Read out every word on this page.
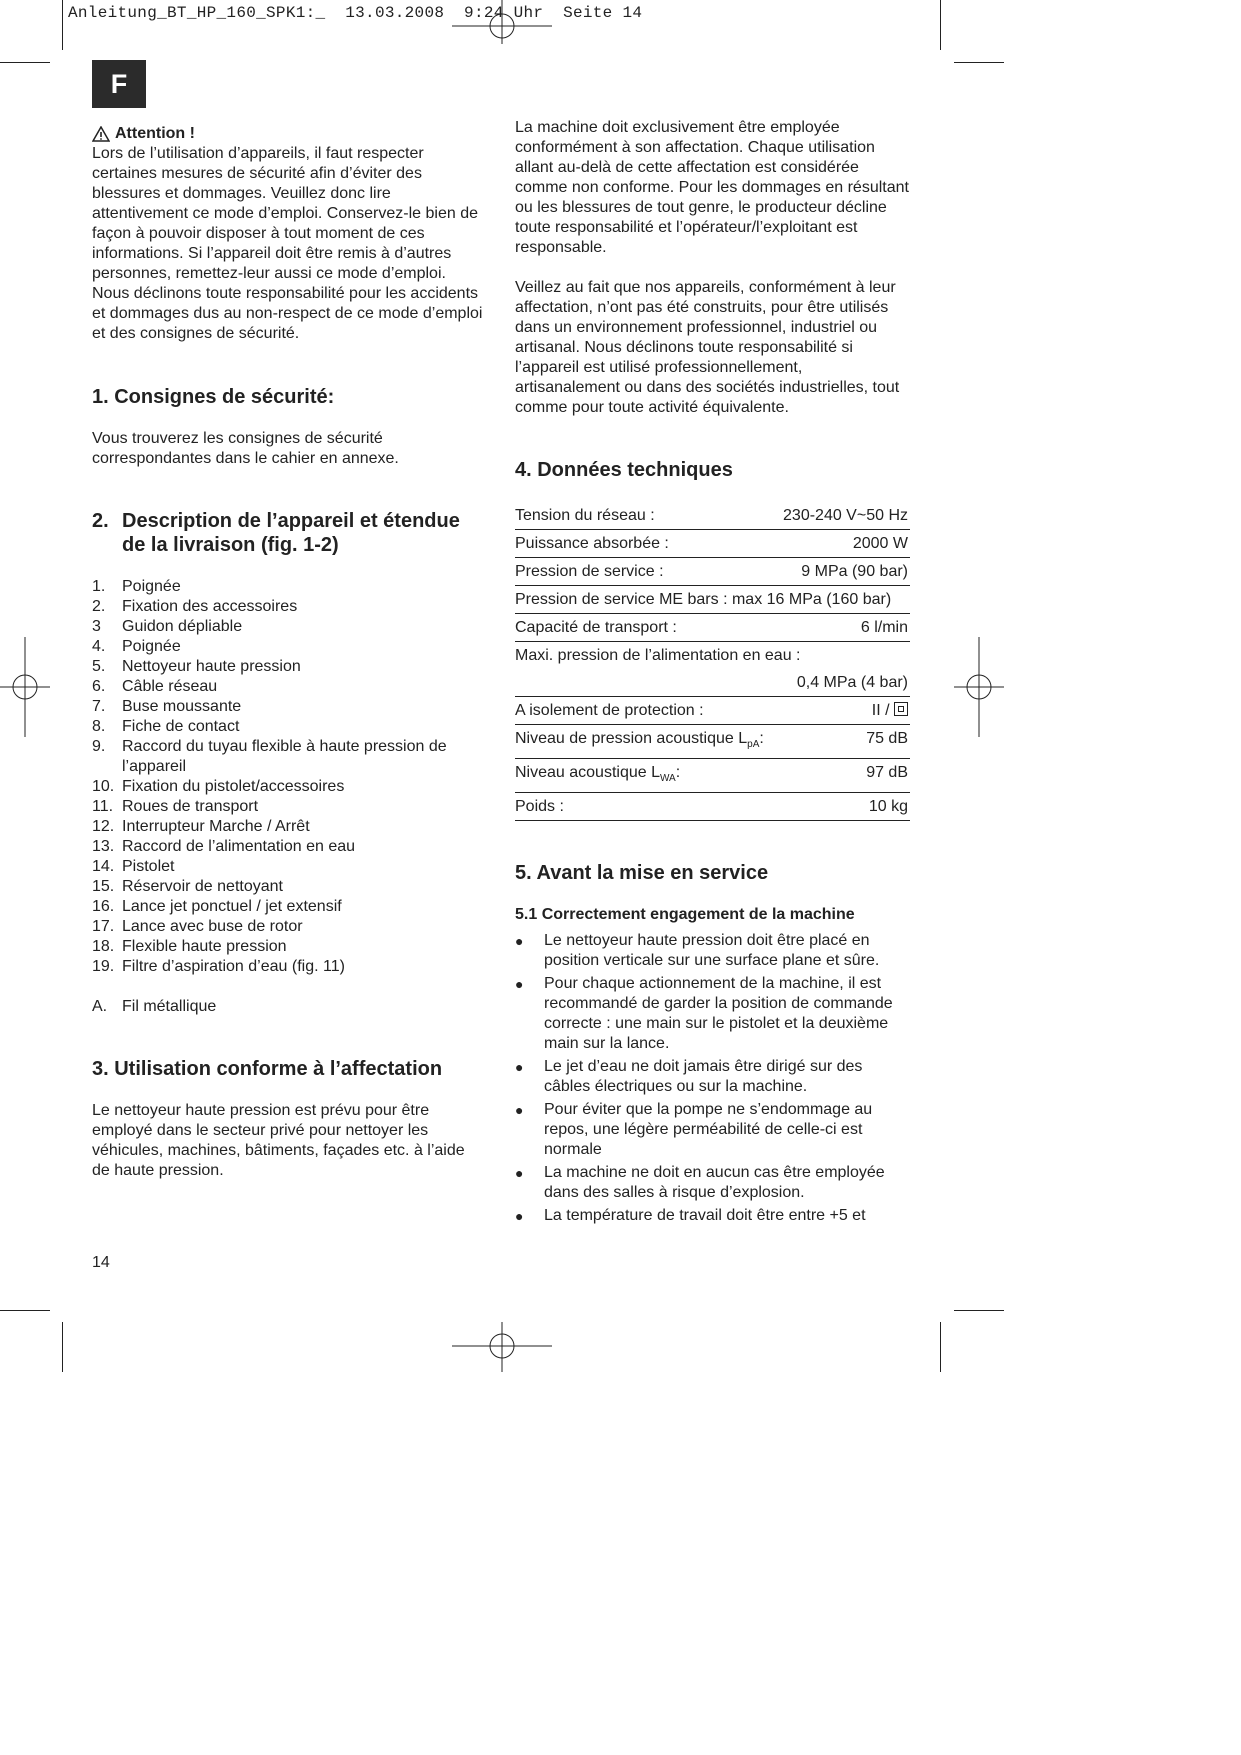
Anleitung_BT_HP_160_SPK1:_  13.03.2008  9:24 Uhr  Seite 14
F
Attention !

Lors de l’utilisation d’appareils, il faut respecter certaines mesures de sécurité afin d’éviter des blessures et dommages. Veuillez donc lire attentivement ce mode d’emploi. Conservez-le bien de façon à pouvoir disposer à tout moment de ces informations. Si l’appareil doit être remis à d’autres personnes, remettez-leur aussi ce mode d’emploi. Nous déclinons toute responsabilité pour les accidents et dommages dus au non-respect de ce mode d’emploi et des consignes de sécurité.

1. Consignes de sécurité:

Vous trouverez les consignes de sécurité correspondantes dans le cahier en annexe.

2. Description de l’appareil et étendue de la livraison (fig. 1-2)
1.	Poignée
2.	Fixation des accessoires
3	Guidon dépliable
4.	Poignée
5.	Nettoyeur haute pression
6.	Câble réseau
7.	Buse moussante
8.	Fiche de contact
9.	Raccord du tuyau flexible à haute pression de l’appareil
10. Fixation du pistolet/accessoires
11. Roues de transport
12. Interrupteur Marche / Arrêt
13. Raccord de l’alimentation en eau
14. Pistolet
15. Réservoir de nettoyant
16. Lance jet ponctuel / jet extensif
17. Lance avec buse de rotor
18. Flexible haute pression
19. Filtre d’aspiration d’eau (fig. 11)
A. Fil métallique
3. Utilisation conforme à l’affectation

Le nettoyeur haute pression est prévu pour être employé dans le secteur privé pour nettoyer les véhicules, machines, bâtiments, façades etc. à l’aide de haute pression.

La machine doit exclusivement être employée conformément à son affectation. Chaque utilisation allant au-delà de cette affectation est considérée comme non conforme. Pour les dommages en résultant ou les blessures de tout genre, le producteur décline toute responsabilité et l’opérateur/l’exploitant est responsable.

Veillez au fait que nos appareils, conformément à leur affectation, n’ont pas été construits, pour être utilisés dans un environnement professionnel, industriel ou artisanal. Nous déclinons toute responsabilité si l’appareil est utilisé professionnellement, artisanalement ou dans des sociétés industrielles, tout comme pour toute activité équivalente.

4. Données techniques
Tension du réseau :	230-240 V~50 Hz
Puissance absorbée :	2000 W
Pression de service :	9 MPa (90 bar)
Pression de service ME bars : max 16 MPa (160 bar)	
Capacité de transport :	6 l/min
Maxi. pression de l’alimentation en eau :	
	0,4 MPa (4 bar)
A isolement de protection :	II /
Niveau de pression acoustique $L_{pA}$:	75 dB
Niveau acoustique $L_{WA}$:	97 dB
Poids :	10 kg
5. Avant la mise en service
5.1 Correctement engagement de la machine
●	Le nettoyeur haute pression doit être placé en position verticale sur une surface plane et sûre.
●	Pour chaque actionnement de la machine, il est recommandé de garder la position de commande correcte : une main sur le pistolet et la deuxième main sur la lance.
●	Le jet d’eau ne doit jamais être dirigé sur des câbles électriques ou sur la machine.
●	Pour éviter que la pompe ne s’endommage au repos, une légère perméabilité de celle-ci est normale
●	La machine ne doit en aucun cas être employée dans des salles à risque d’explosion.
●	La température de travail doit être entre +5 et
14
